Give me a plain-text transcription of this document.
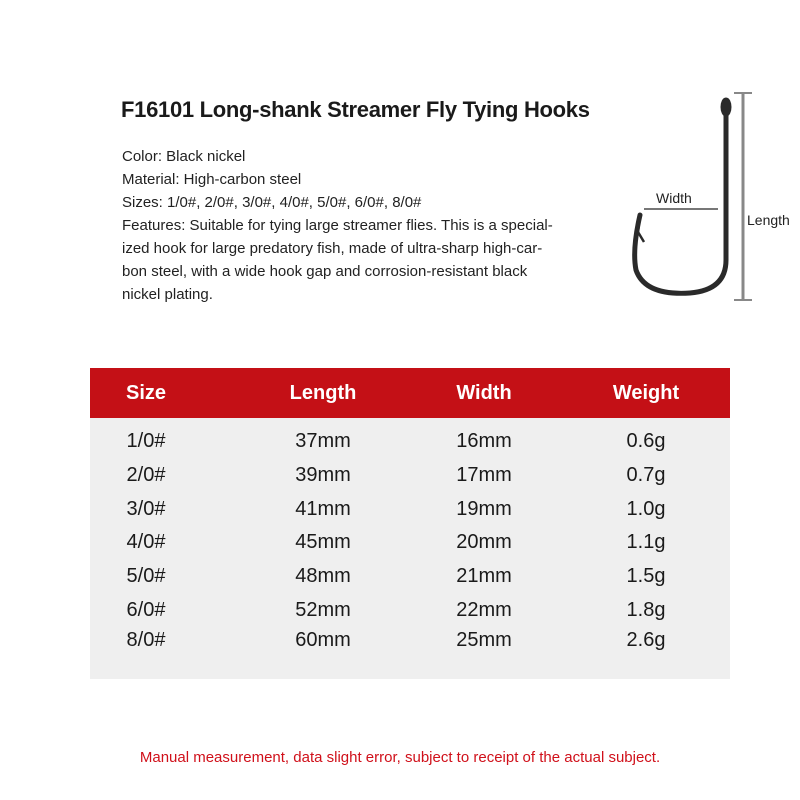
F16101 Long-shank Streamer Fly Tying Hooks
Color: Black nickel
Material: High-carbon steel
Sizes: 1/0#, 2/0#, 3/0#, 4/0#, 5/0#, 6/0#, 8/0#
Features: Suitable for tying large streamer flies. This is a special-
ized hook for large predatory fish, made of ultra-sharp high-car-
bon steel, with a wide hook gap and corrosion-resistant black
nickel plating.
Width
Length
Size	Length	Width	Weight
1/0#	37mm	16mm	0.6g
2/0#	39mm	17mm	0.7g
3/0#	41mm	19mm	1.0g
4/0#	45mm	20mm	1.1g
5/0#	48mm	21mm	1.5g
6/0#	52mm	22mm	1.8g
8/0#	60mm	25mm	2.6g
Manual measurement, data slight error, subject to receipt of the actual subject.
